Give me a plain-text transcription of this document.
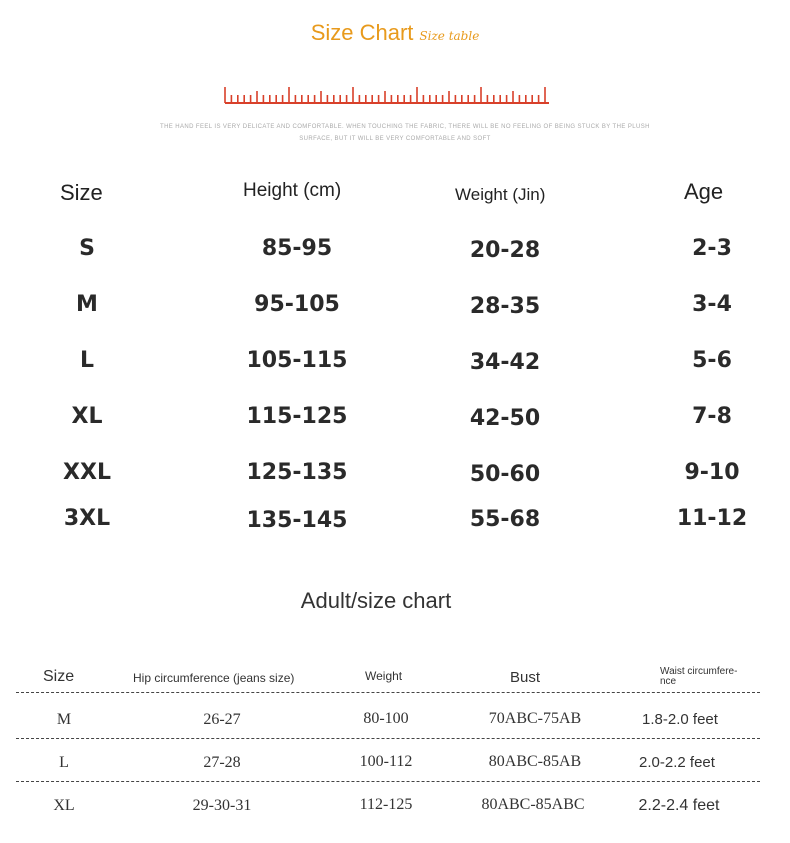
Size Chart Size table
THE HAND FEEL IS VERY DELICATE AND COMFORTABLE. WHEN TOUCHING THE FABRIC, THERE WILL BE NO FEELING OF BEING STUCK BY THE PLUSH
SURFACE, BUT IT WILL BE VERY COMFORTABLE AND SOFT
Size	Height (cm)	Weight (Jin)	Age
S	85-95	20-28	2-3
M	95-105	28-35	3-4
L	105-115	34-42	5-6
XL	115-125	42-50	7-8
XXL	125-135	50-60	9-10
3XL	135-145	55-68	11-12
Adult/size chart
Size	Hip circumference (jeans size)	Weight	Bust	Waist circumfere-
nce
M	26-27	80-100	70ABC-75AB	1.8-2.0 feet
L	27-28	100-112	80ABC-85AB	2.0-2.2 feet
XL	29-30-31	112-125	80ABC-85ABC	2.2-2.4 feet
